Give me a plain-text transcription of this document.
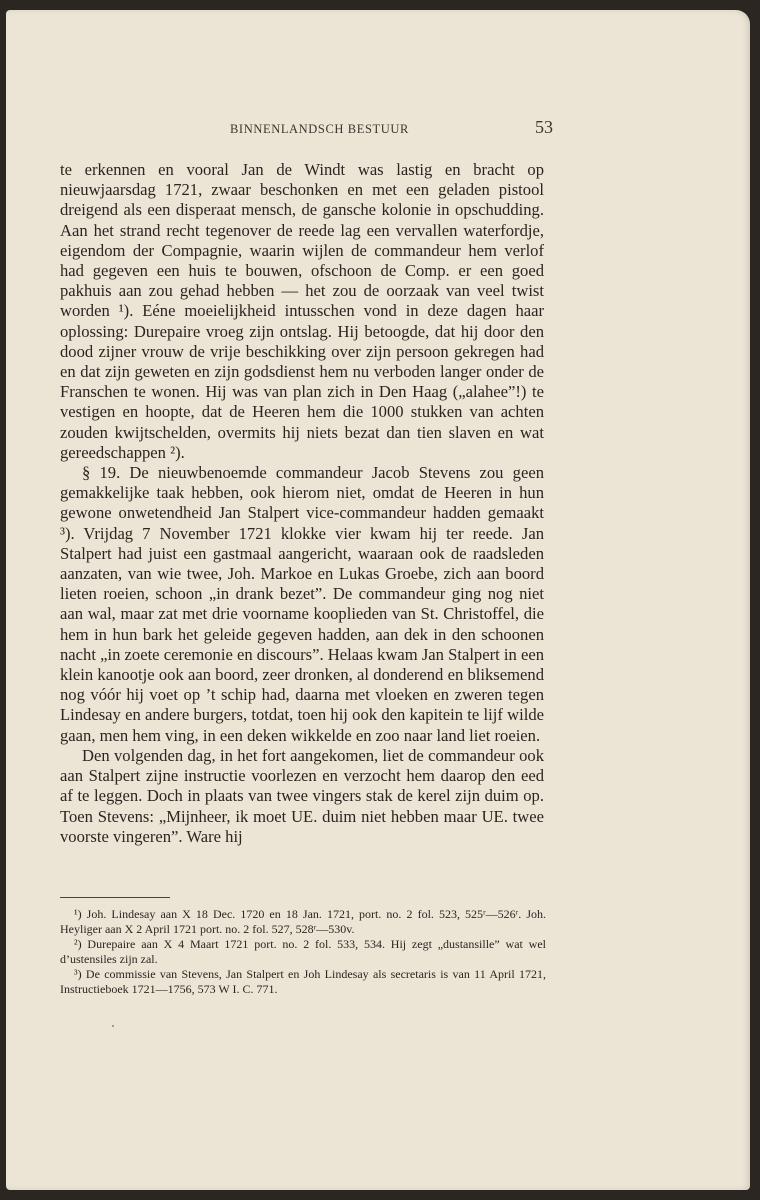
BINNENLANDSCH BESTUUR	53

te erkennen en vooral Jan de Windt was lastig en bracht op nieuwjaarsdag 1721, zwaar beschonken en met een geladen pistool dreigend als een disperaat mensch, de gansche kolonie in opschudding. Aan het strand recht tegenover de reede lag een vervallen waterfordje, eigendom der Compagnie, waarin wijlen de commandeur hem verlof had gegeven een huis te bouwen, ofschoon de Comp. er een goed pakhuis aan zou gehad hebben — het zou de oorzaak van veel twist worden ¹). Eéne moeielijkheid intusschen vond in deze dagen haar oplossing: Durepaire vroeg zijn ontslag. Hij betoogde, dat hij door den dood zijner vrouw de vrije beschikking over zijn persoon gekregen had en dat zijn geweten en zijn godsdienst hem nu verboden langer onder de Franschen te wonen. Hij was van plan zich in Den Haag („alahee”!) te vestigen en hoopte, dat de Heeren hem die 1000 stukken van achten zouden kwijtschelden, overmits hij niets bezat dan tien slaven en wat gereedschappen ²).

§ 19. De nieuwbenoemde commandeur Jacob Stevens zou geen gemakkelijke taak hebben, ook hierom niet, omdat de Heeren in hun gewone onwetendheid Jan Stalpert vice-commandeur hadden gemaakt ³). Vrijdag 7 November 1721 klokke vier kwam hij ter reede. Jan Stalpert had juist een gastmaal aangericht, waaraan ook de raadsleden aanzaten, van wie twee, Joh. Markoe en Lukas Groebe, zich aan boord lieten roeien, schoon „in drank bezet”. De commandeur ging nog niet aan wal, maar zat met drie voorname kooplieden van St. Christoffel, die hem in hun bark het geleide gegeven hadden, aan dek in den schoonen nacht „in zoete ceremonie en discours”. Helaas kwam Jan Stalpert in een klein kanootje ook aan boord, zeer dronken, al donderend en bliksemend nog vóór hij voet op ’t schip had, daarna met vloeken en zweren tegen Lindesay en andere burgers, totdat, toen hij ook den kapitein te lijf wilde gaan, men hem ving, in een deken wikkelde en zoo naar land liet roeien.

Den volgenden dag, in het fort aangekomen, liet de commandeur ook aan Stalpert zijne instructie voorlezen en verzocht hem daarop den eed af te leggen. Doch in plaats van twee vingers stak de kerel zijn duim op. Toen Stevens: „Mijnheer, ik moet UE. duim niet hebben maar UE. twee voorste vingeren”. Ware hij

¹) Joh. Lindesay aan X 18 Dec. 1720 en 18 Jan. 1721, port. no. 2 fol. 523, 525ʳ—526ʳ. Joh. Heyliger aan X 2 April 1721 port. no. 2 fol. 527, 528ʳ—530v.

²) Durepaire aan X 4 Maart 1721 port. no. 2 fol. 533, 534. Hij zegt „dustansille” wat wel d’ustensiles zijn zal.

³) De commissie van Stevens, Jan Stalpert en Joh Lindesay als secretaris is van 11 April 1721, Instructieboek 1721—1756, 573 W I. C. 771.
